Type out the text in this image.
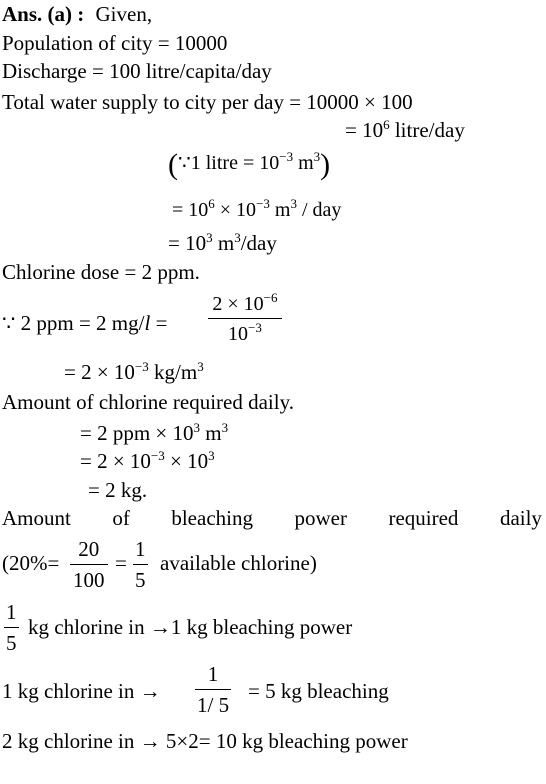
Ans. (a) : Given,
Population of city = 10000
Discharge = 100 litre/capita/day
Total water supply to city per day = 10000 × 100
= $10^6$ litre/day
(∵1 litre = $10^{-3}$ $m^3$)
= $10^6 \times 10^{-3}$ $m^3$ / day
= $10^3$ $m^3$/day
Chlorine dose = 2 ppm.
∵ 2 ppm = 2 $mg/l = \frac{2 \times 10^{-6}}{10^{-3}}$
= $2 \times 10^{-3}$ $kg/m^3$
Amount of chlorine required daily.
= 2 ppm × $10^3$ $m^3$
= $2 \times 10^{-3} \times 10^3$
= 2 kg.
Amount of bleaching power required daily
($20\%= \frac{20}{100} = \frac{1}{5}$ available chlorine)
$\frac{1}{5}$ kg chlorine in →1 kg bleaching power
1 kg chlorine in → $\frac{1}{1/ 5} = 5$ kg bleaching
2 kg chlorine in → 5×2= 10 kg bleaching power
